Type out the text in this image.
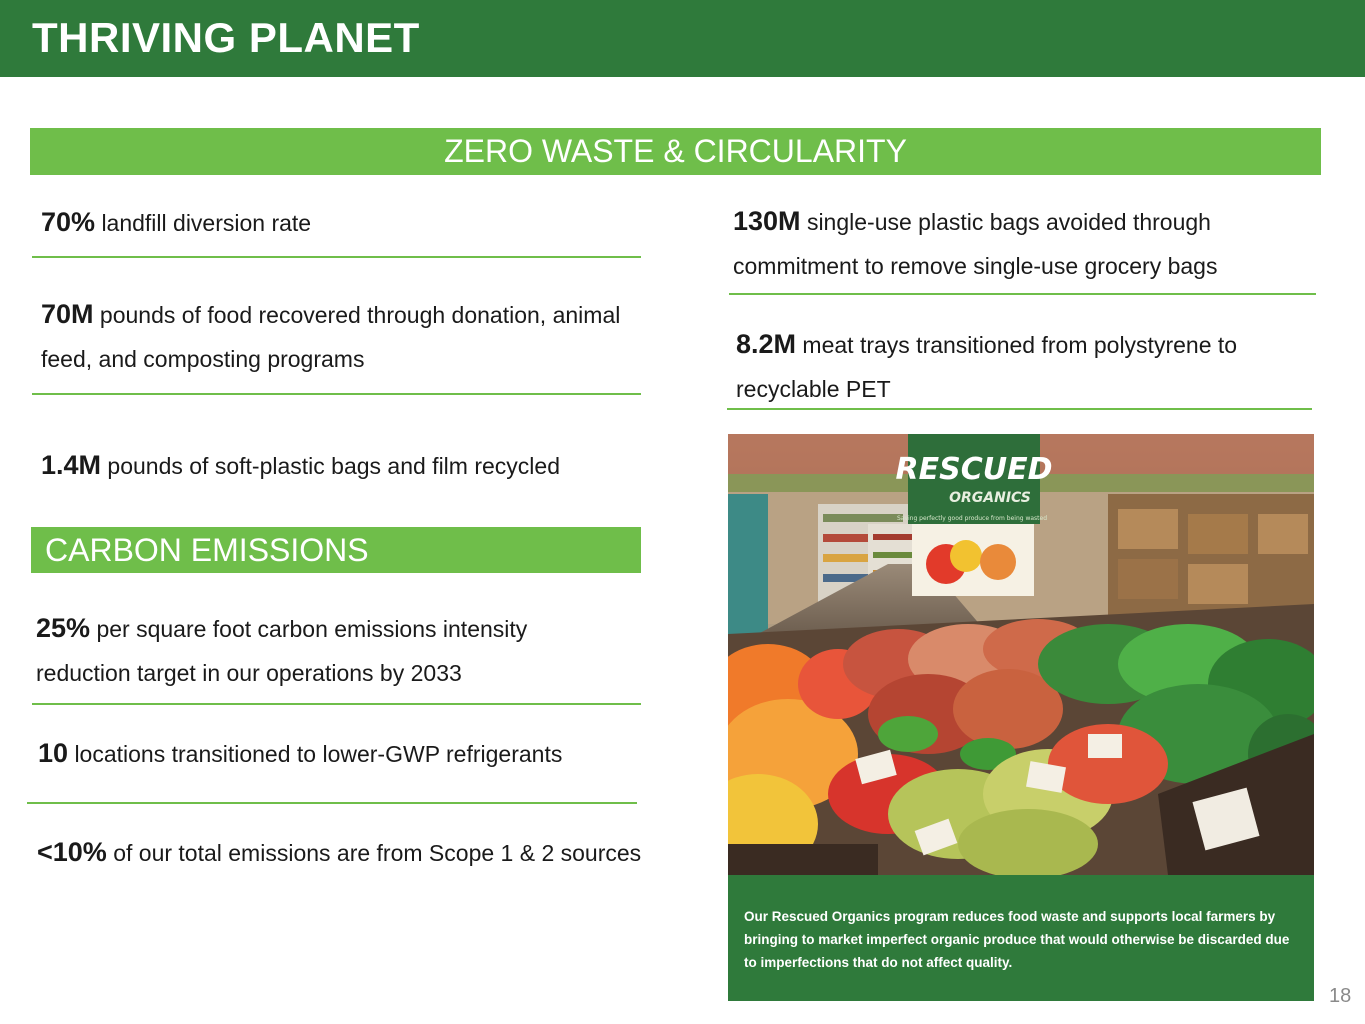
THRIVING PLANET
ZERO WASTE & CIRCULARITY
70% landfill diversion rate
70M pounds of food recovered through donation, animal feed, and composting programs
1.4M pounds of soft-plastic bags and film recycled
130M single-use plastic bags avoided through commitment to remove single-use grocery bags
8.2M meat trays transitioned from polystyrene to recyclable PET
CARBON EMISSIONS
25% per square foot carbon emissions intensity reduction target in our operations by 2033
10 locations transitioned to lower-GWP refrigerants
<10% of our total emissions are from Scope 1 & 2 sources
RESCUED
ORGANICS
Saving perfectly good produce from being wasted
Our Rescued Organics program reduces food waste and supports local farmers by bringing to market imperfect organic produce that would otherwise be discarded due to imperfections that do not affect quality.
18
